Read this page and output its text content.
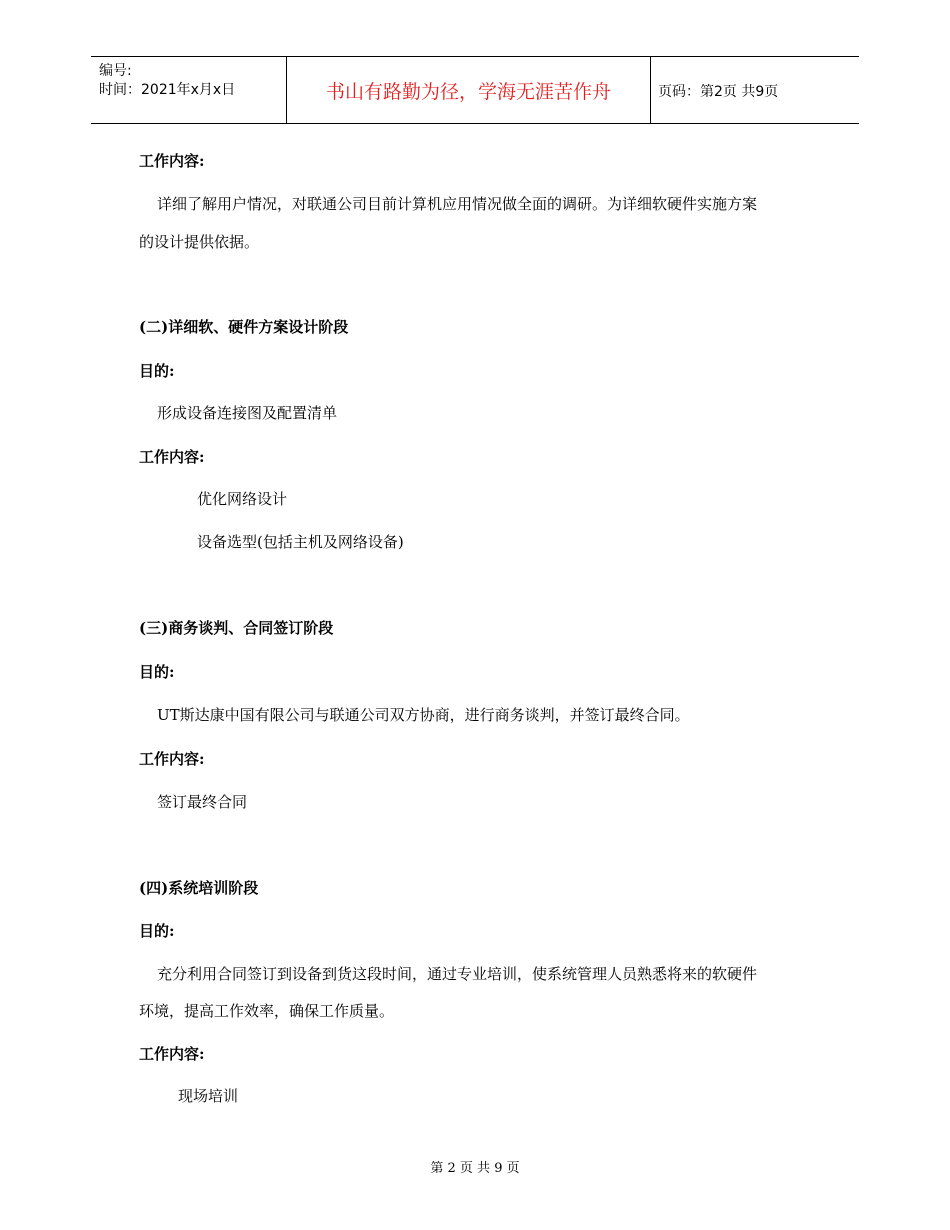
编号:
时间：2021年x月x日	书山有路勤为径，学海无涯苦作舟	页码：第2页 共9页
工作内容:
详细了解用户情况，对联通公司目前计算机应用情况做全面的调研。为详细软硬件实施方案
的设计提供依据。
(二)详细软、硬件方案设计阶段
目的:
形成设备连接图及配置清单
工作内容:
优化网络设计
设备选型(包括主机及网络设备)
(三)商务谈判、合同签订阶段
目的:
UT斯达康中国有限公司与联通公司双方协商，进行商务谈判，并签订最终合同。
工作内容:
签订最终合同
(四)系统培训阶段
目的:
充分利用合同签订到设备到货这段时间，通过专业培训，使系统管理人员熟悉将来的软硬件
环境，提高工作效率，确保工作质量。
工作内容:
现场培训
第 2 页 共 9 页
